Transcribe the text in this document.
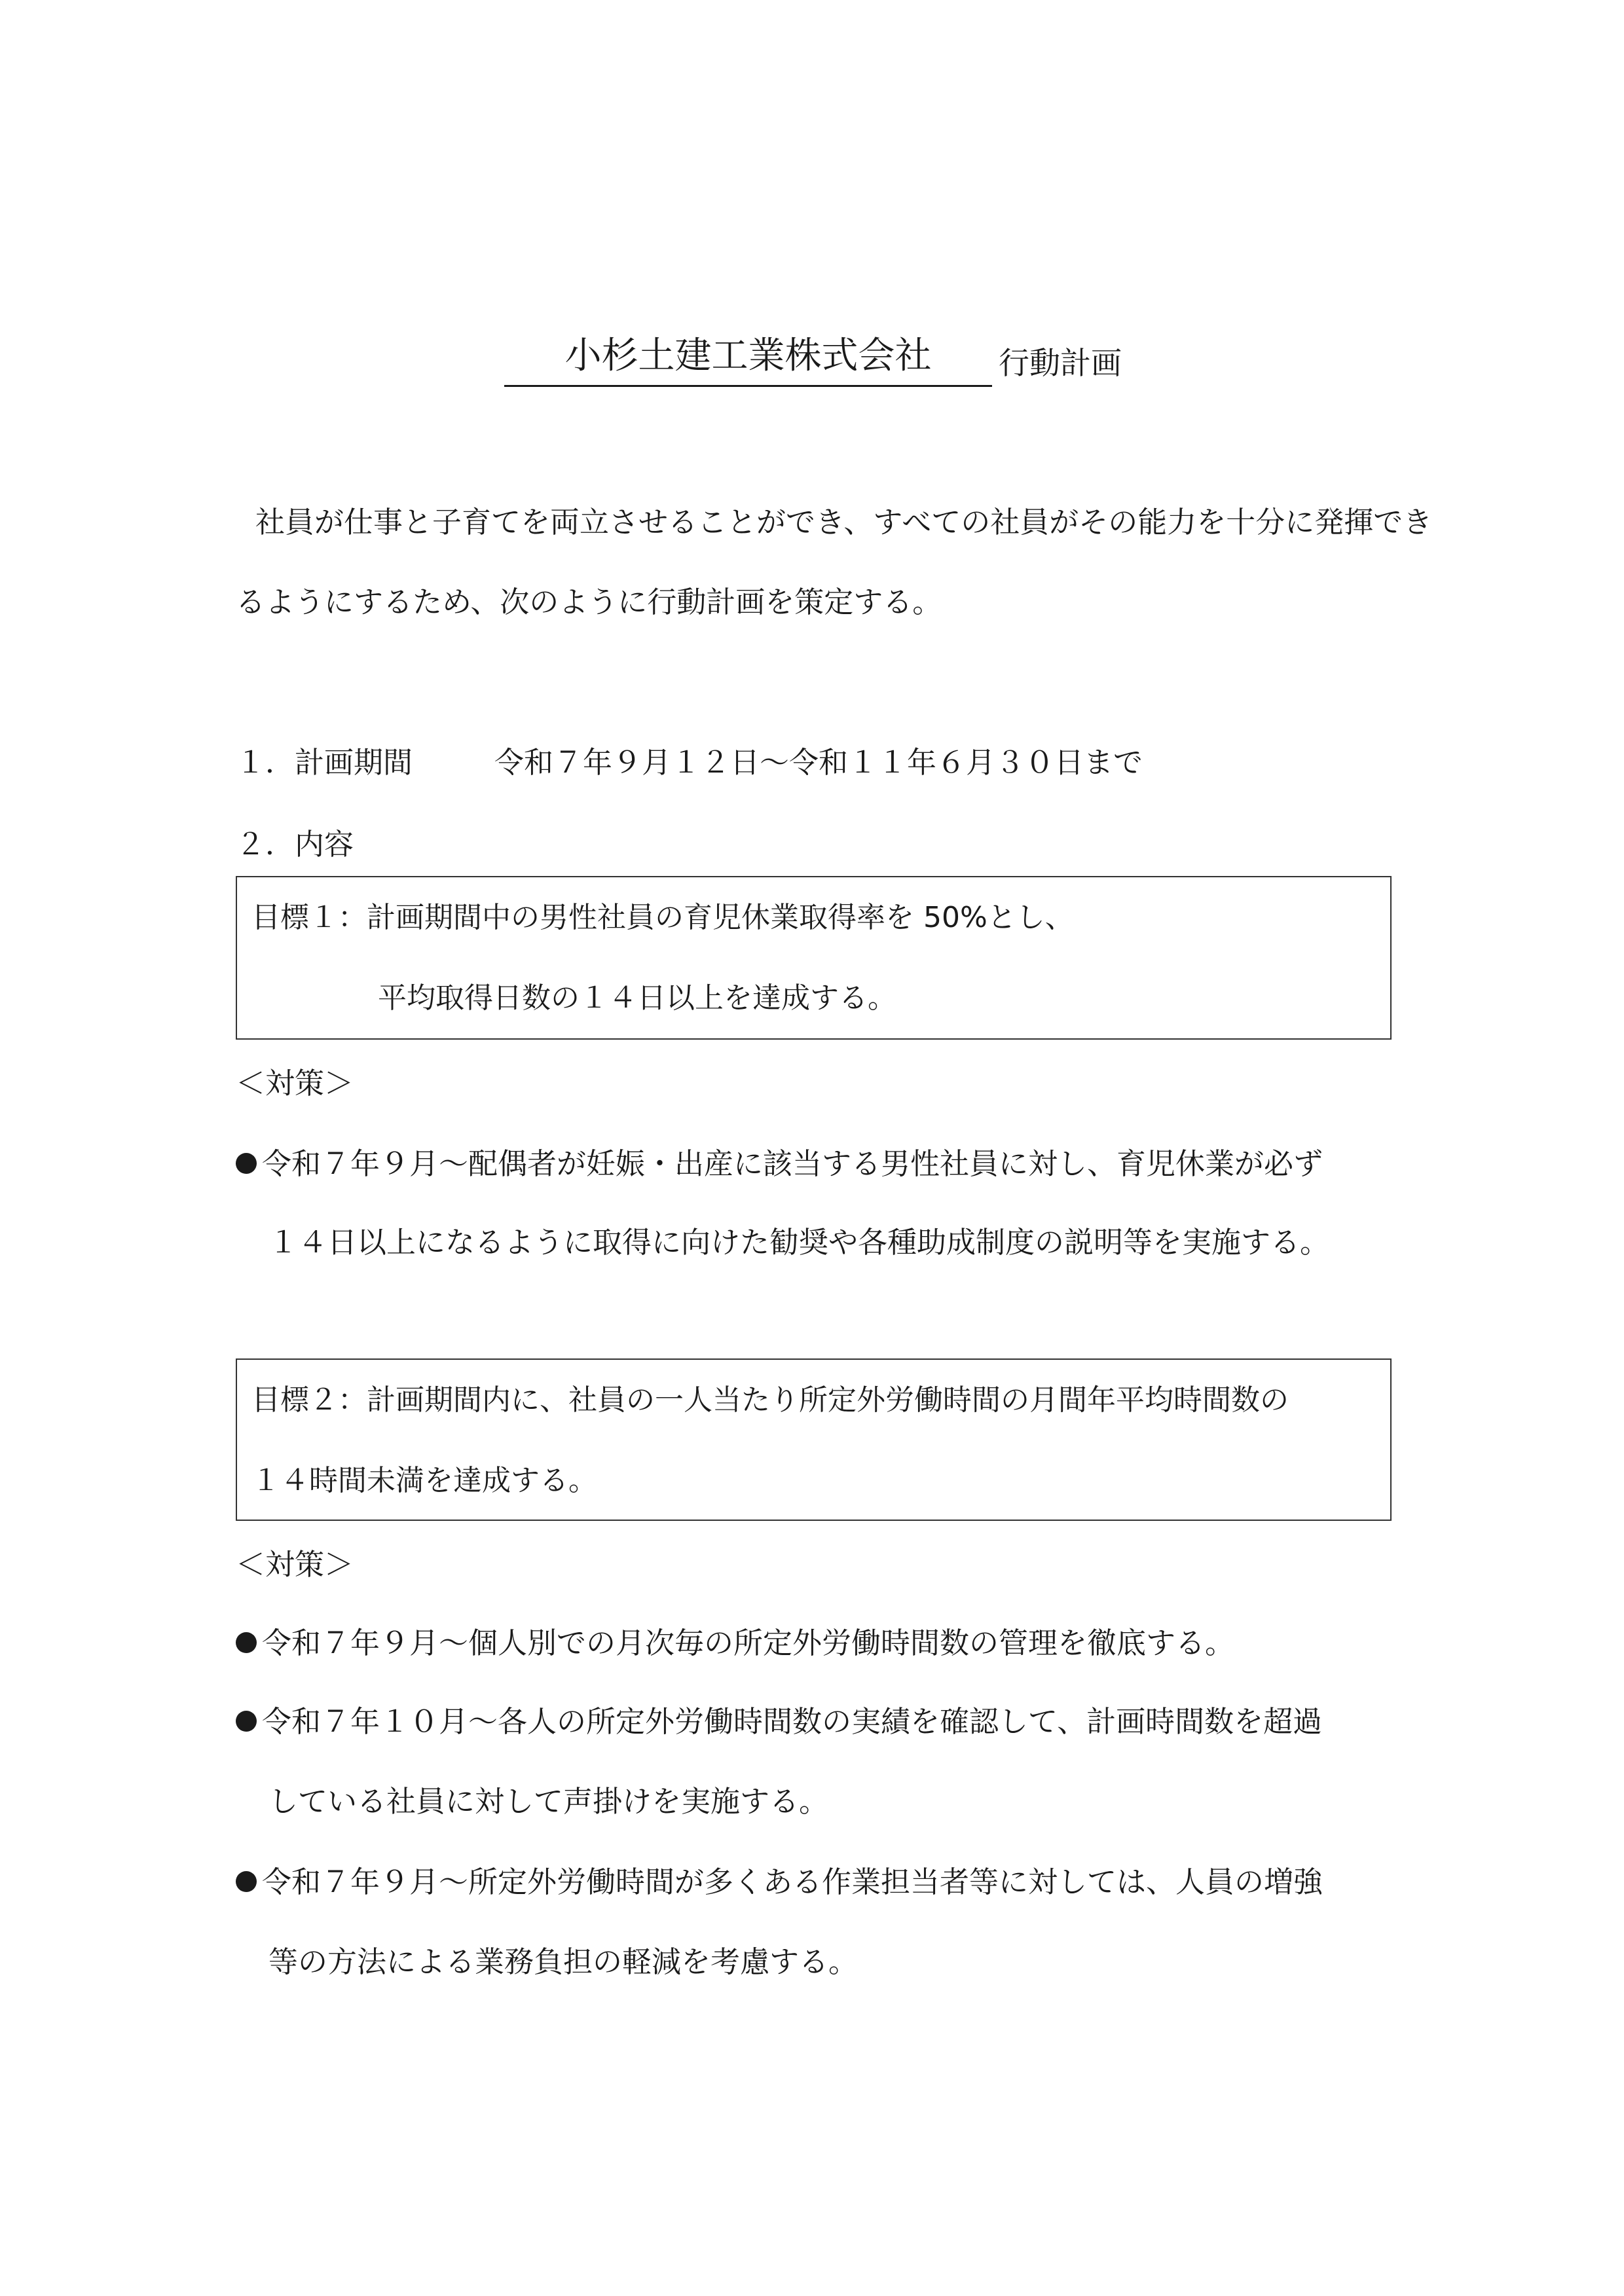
小杉土建工業株式会社	行動計画
社員が仕事と子育てを両立させることができ、すべての社員がその能力を十分に発揮でき
るようにするため、次のように行動計画を策定する。
１．計画期間	令和７年９月１２日～令和１１年６月３０日まで
２．内容
目標１：計画期間中の男性社員の育児休業取得率を 50%とし、
平均取得日数の１４日以上を達成する。
＜対策＞
令和７年９月～配偶者が妊娠・出産に該当する男性社員に対し、育児休業が必ず
１４日以上になるように取得に向けた勧奨や各種助成制度の説明等を実施する。
目標２：計画期間内に、社員の一人当たり所定外労働時間の月間年平均時間数の
１４時間未満を達成する。
＜対策＞
令和７年９月～個人別での月次毎の所定外労働時間数の管理を徹底する。
令和７年１０月～各人の所定外労働時間数の実績を確認して、計画時間数を超過
している社員に対して声掛けを実施する。
令和７年９月～所定外労働時間が多くある作業担当者等に対しては、人員の増強
等の方法による業務負担の軽減を考慮する。
